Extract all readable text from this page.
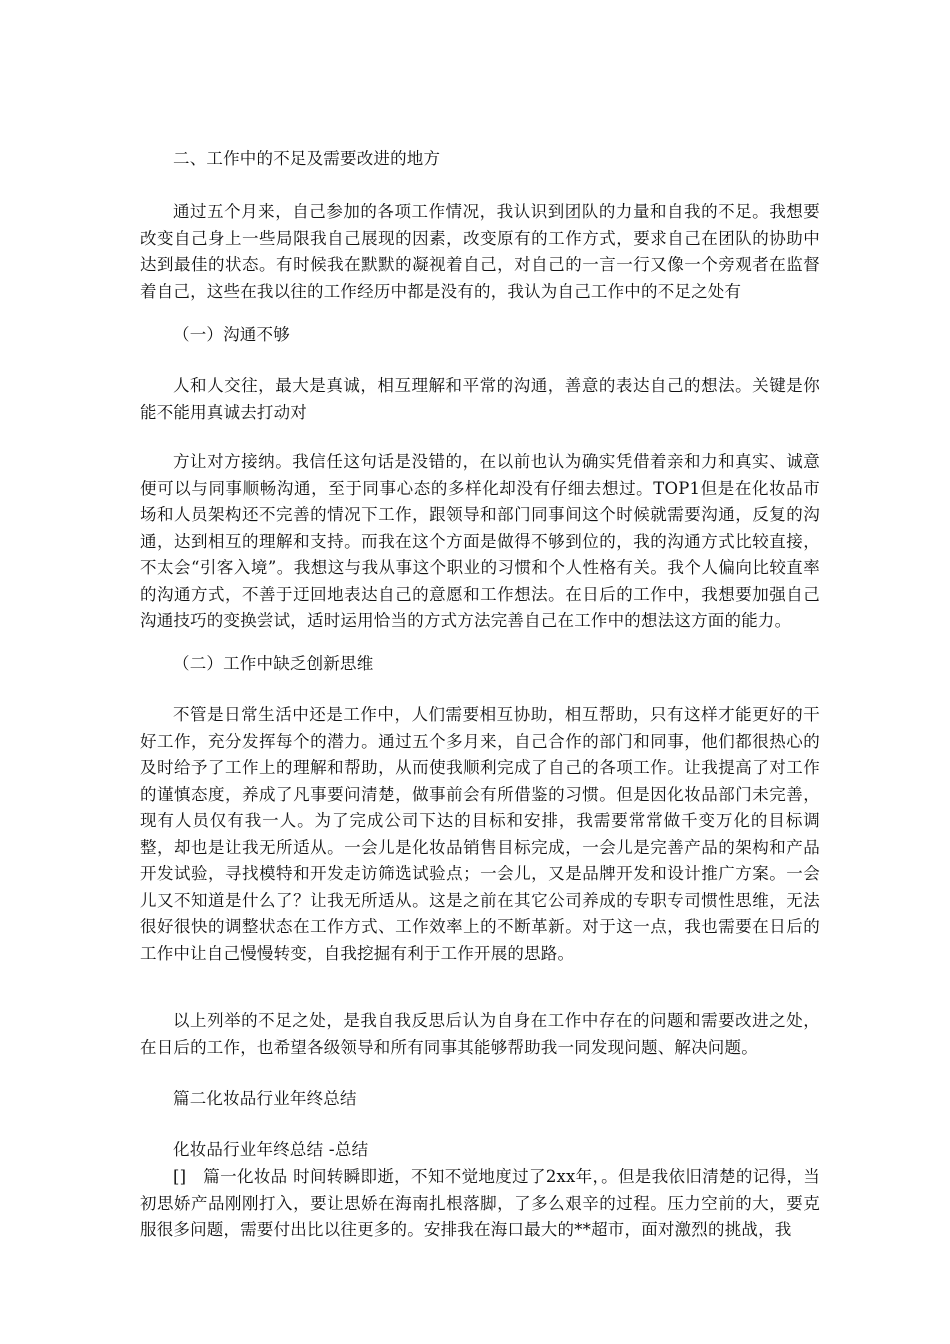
二、工作中的不足及需要改进的地方

通过五个月来，自己参加的各项工作情况，我认识到团队的力量和自我的不足。我想要改变自己身上一些局限我自己展现的因素，改变原有的工作方式，要求自己在团队的协助中达到最佳的状态。有时候我在默默的凝视着自己，对自己的一言一行又像一个旁观者在监督着自己，这些在我以往的工作经历中都是没有的，我认为自己工作中的不足之处有

（一）沟通不够

人和人交往，最大是真诚，相互理解和平常的沟通，善意的表达自己的想法。关键是你能不能用真诚去打动对

方让对方接纳。我信任这句话是没错的，在以前也认为确实凭借着亲和力和真实、诚意便可以与同事顺畅沟通，至于同事心态的多样化却没有仔细去想过。TOP1但是在化妆品市场和人员架构还不完善的情况下工作，跟领导和部门同事间这个时候就需要沟通，反复的沟通，达到相互的理解和支持。而我在这个方面是做得不够到位的，我的沟通方式比较直接，不太会“引客入境”。我想这与我从事这个职业的习惯和个人性格有关。我个人偏向比较直率的沟通方式，不善于迂回地表达自己的意愿和工作想法。在日后的工作中，我想要加强自己沟通技巧的变换尝试，适时运用恰当的方式方法完善自己在工作中的想法这方面的能力。

（二）工作中缺乏创新思维

不管是日常生活中还是工作中，人们需要相互协助，相互帮助，只有这样才能更好的干好工作，充分发挥每个的潜力。通过五个多月来，自己合作的部门和同事，他们都很热心的及时给予了工作上的理解和帮助，从而使我顺利完成了自己的各项工作。让我提高了对工作的谨慎态度，养成了凡事要问清楚，做事前会有所借鉴的习惯。但是因化妆品部门未完善，现有人员仅有我一人。为了完成公司下达的目标和安排，我需要常常做千变万化的目标调整，却也是让我无所适从。一会儿是化妆品销售目标完成，一会儿是完善产品的架构和产品开发试验，寻找模特和开发走访筛选试验点；一会儿，又是品牌开发和设计推广方案。一会儿又不知道是什么了？让我无所适从。这是之前在其它公司养成的专职专司惯性思维，无法很好很快的调整状态在工作方式、工作效率上的不断革新。对于这一点，我也需要在日后的工作中让自己慢慢转变，自我挖掘有利于工作开展的思路。

以上列举的不足之处，是我自我反思后认为自身在工作中存在的问题和需要改进之处，在日后的工作，也希望各级领导和所有同事其能够帮助我一同发现问题、解决问题。

篇二化妆品行业年终总结

化妆品行业年终总结 -总结

[]　篇一化妆品 时间转瞬即逝，不知不觉地度过了2xx年，。但是我依旧清楚的记得，当初思娇产品刚刚打入，要让思娇在海南扎根落脚，了多么艰辛的过程。压力空前的大，要克服很多问题，需要付出比以往更多的。安排我在海口最大的**超市，面对激烈的挑战，我
